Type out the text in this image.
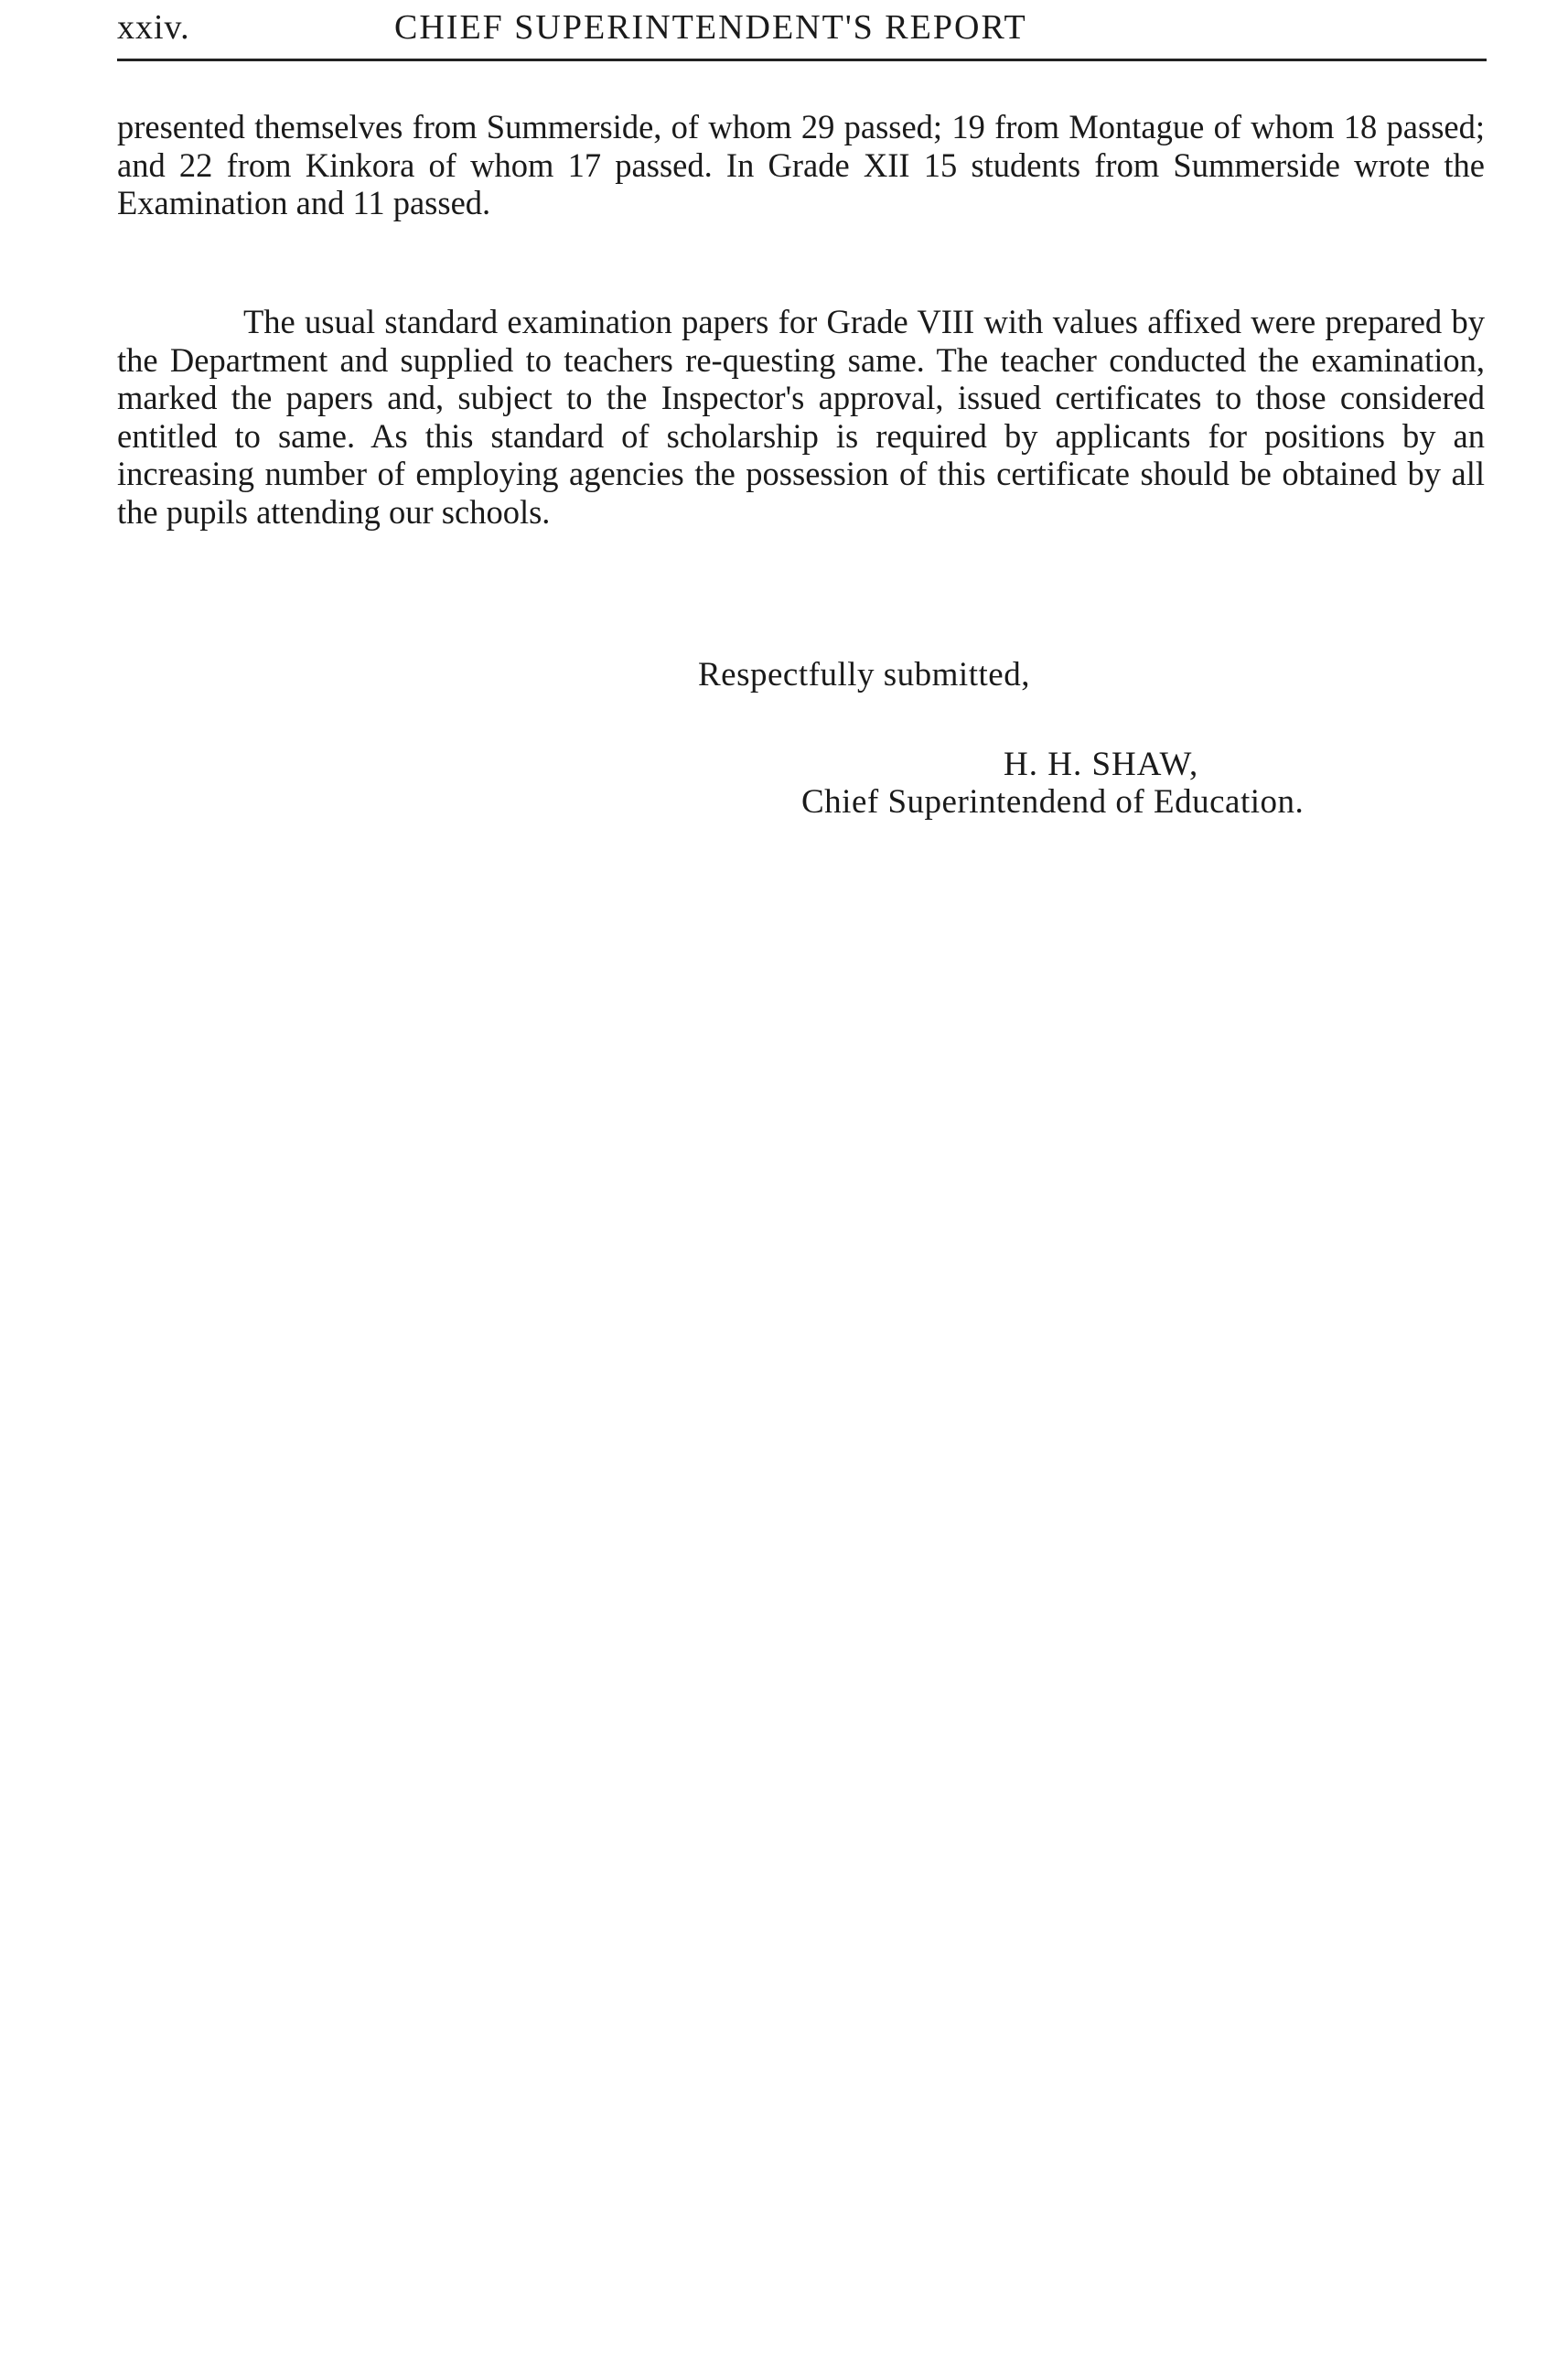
xxiv.	CHIEF SUPERINTENDENT'S REPORT

presented themselves from Summerside, of whom 29 passed; 19 from Montague of whom 18 passed; and 22 from Kinkora of whom 17 passed. In Grade XII 15 students from Summerside wrote the Examination and 11 passed.

The usual standard examination papers for Grade VIII with values affixed were prepared by the Department and supplied to teachers re-questing same. The teacher conducted the examination, marked the papers and, subject to the Inspector's approval, issued certificates to those considered entitled to same. As this standard of scholarship is required by applicants for positions by an increasing number of employing agencies the possession of this certificate should be obtained by all the pupils attending our schools.

Respectfully submitted,
H. H. SHAW,
Chief Superintendend of Education.
